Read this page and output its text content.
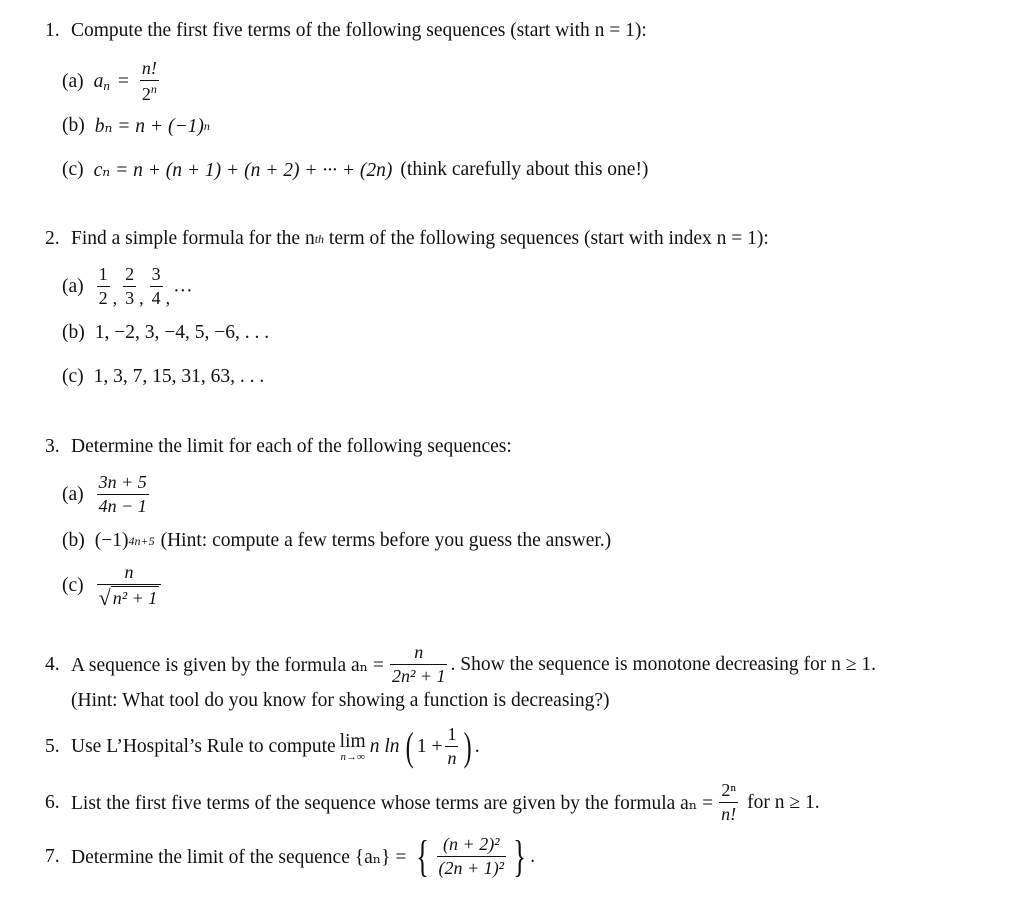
1. Compute the first five terms of the following sequences (start with n = 1):
(a) a $n = \frac{n!}{2^n}$
(b) bₙ = n + (−1) n
(c) cₙ = n + (n + 1) + (n + 2) + ··· + (2n) (think carefully about this one!)
2. Find a simple formula for the n th term of the following sequences (start with index n = 1):
$(a) \frac{1}{2}$ , $\frac{2}{3}$ , $\frac{3}{4}$ , ···
(b) 1, −2, 3, −4, 5, −6, . . .
(c) 1, 3, 7, 15, 31, 63, . . .
3. Determine the limit for each of the following sequences:
$(a) \frac{3n + 5}{4n - 1}$
(b) (−1) 4n+5 (Hint: compute a few terms before you guess the answer.)
$(c) \frac{n}{\text{√ n² + 1}}$
4. A sequence is given by the formula $a_n = \frac{n}{\text{2n² + 1}}$ . Show the sequence is monotone decreasing for n ≥ 1.
(Hint: What tool do you know for showing a function is decreasing?)
5. Use L’Hospital’s Rule to compute lim
n→∞ n ln ( $1 + \frac{1}{n}$ ) .
6. List the first five terms of the sequence whose terms are given by the formula $a_n = \frac{\text{2ⁿ}}{n!}$ for n ≥ 1.
7. Determine the limit of the sequence {aₙ} = { $\frac{\text{(n + 2)²}}{\text{(2n + 1)²}}$ } .
